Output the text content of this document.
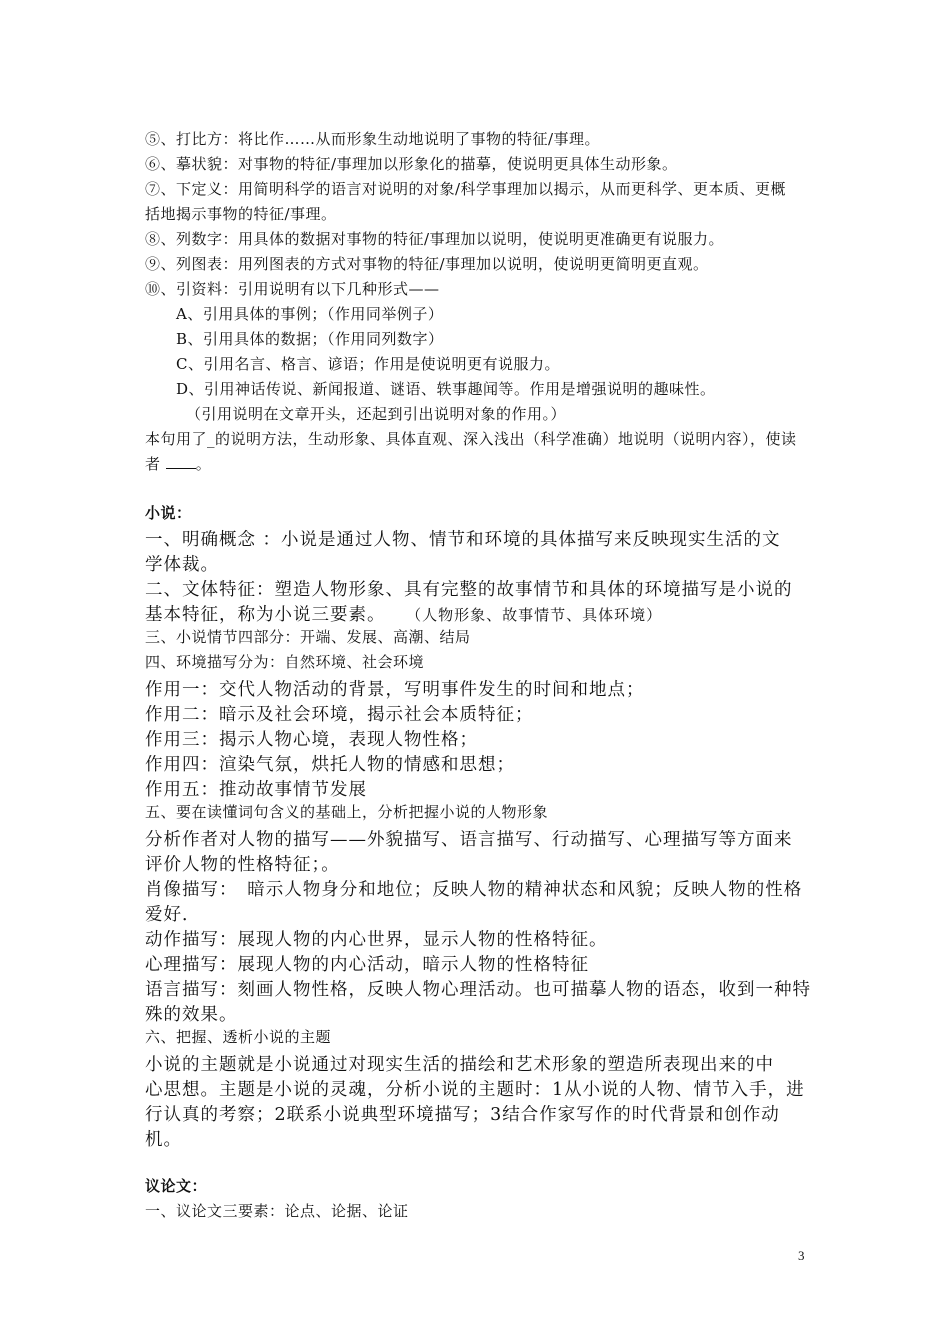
⑤、打比方：将比作……从而形象生动地说明了事物的特征/事理。
⑥、摹状貌：对事物的特征/事理加以形象化的描摹，使说明更具体生动形象。
⑦、下定义：用简明科学的语言对说明的对象/科学事理加以揭示，从而更科学、更本质、更概
括地揭示事物的特征/事理。
⑧、列数字：用具体的数据对事物的特征/事理加以说明，使说明更准确更有说服力。
⑨、列图表：用列图表的方式对事物的特征/事理加以说明，使说明更简明更直观。
⑩、引资料：引用说明有以下几种形式——
A、引用具体的事例；（作用同举例子）
B、引用具体的数据；（作用同列数字）
C、引用名言、格言、谚语；作用是使说明更有说服力。
D、引用神话传说、新闻报道、谜语、轶事趣闻等。作用是增强说明的趣味性。
（引用说明在文章开头，还起到引出说明对象的作用。）
本句用了_的说明方法，生动形象、具体直观、深入浅出（科学准确）地说明（说明内容），使读
者 。
小说：
一、明确概念 ：小说是通过人物、情节和环境的具体描写来反映现实生活的文
学体裁。
二、文体特征：塑造人物形象、具有完整的故事情节和具体的环境描写是小说的
基本特征，称为小说三要素。 （人物形象、故事情节、具体环境）
三、小说情节四部分：开端、发展、高潮、结局
四、环境描写分为：自然环境、社会环境
作用一：交代人物活动的背景，写明事件发生的时间和地点；
作用二：暗示及社会环境，揭示社会本质特征；
作用三：揭示人物心境，表现人物性格；
作用四：渲染气氛，烘托人物的情感和思想；
作用五：推动故事情节发展
五、要在读懂词句含义的基础上，分析把握小说的人物形象
分析作者对人物的描写——外貌描写、语言描写、行动描写、心理描写等方面来
评价人物的性格特征；。
肖像描写：　暗示人物身分和地位；反映人物的精神状态和风貌；反映人物的性格
爱好．
动作描写：展现人物的内心世界，显示人物的性格特征。
心理描写：展现人物的内心活动，暗示人物的性格特征
语言描写：刻画人物性格，反映人物心理活动。也可描摹人物的语态，收到一种特
殊的效果。
六、把握、透析小说的主题
小说的主题就是小说通过对现实生活的描绘和艺术形象的塑造所表现出来的中
心思想。主题是小说的灵魂，分析小说的主题时：1从小说的人物、情节入手，进
行认真的考察；2联系小说典型环境描写；3结合作家写作的时代背景和创作动
机。
议论文：
一、议论文三要素：论点、论据、论证
3
